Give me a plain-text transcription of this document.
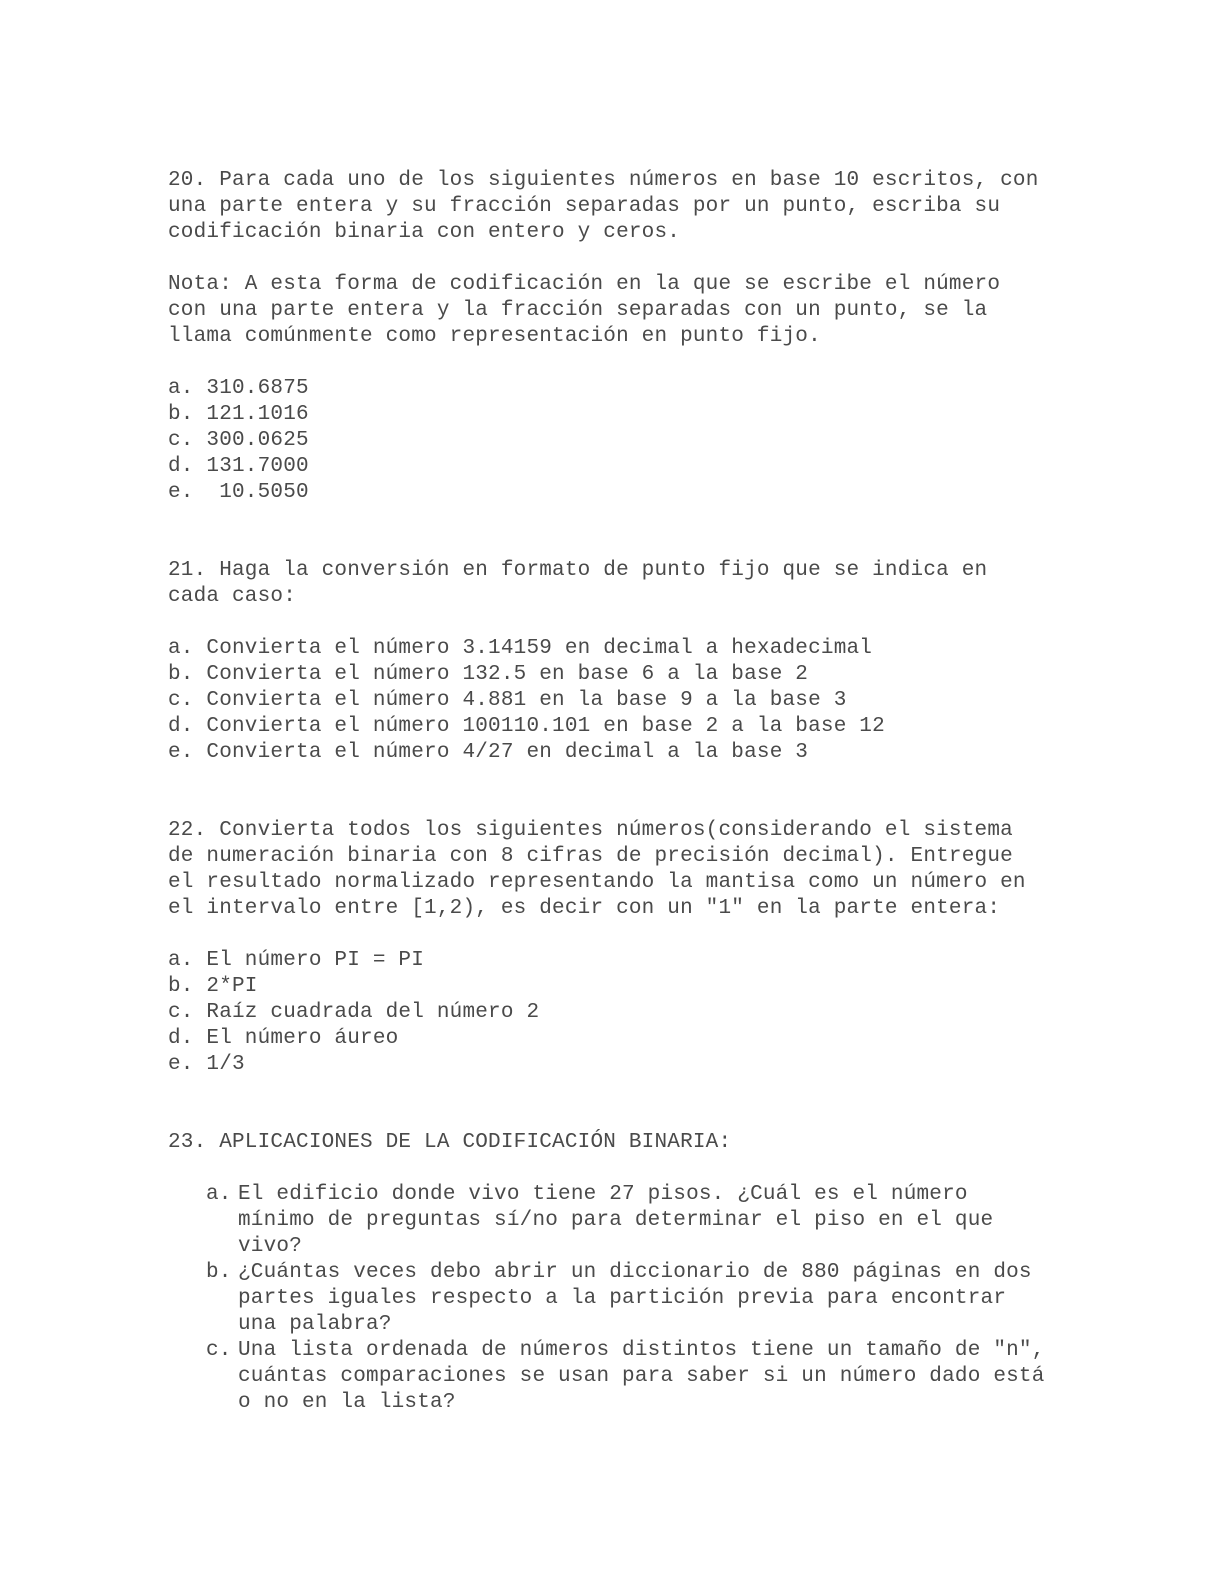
20. Para cada uno de los siguientes números en base 10 escritos, con una parte entera y su fracción separadas por un punto, escriba su codificación binaria con entero y ceros.

Nota: A esta forma de codificación en la que se escribe el número con una parte entera y la fracción separadas con un punto, se la llama comúnmente como representación en punto fijo.

a. 310.6875
b. 121.1016
c. 300.0625
d. 131.7000
e.  10.5050

21. Haga la conversión en formato de punto fijo que se indica en cada caso:

a. Convierta el número 3.14159 en decimal a hexadecimal
b. Convierta el número 132.5 en base 6 a la base 2
c. Convierta el número 4.881 en la base 9 a la base 3
d. Convierta el número 100110.101 en base 2 a la base 12
e. Convierta el número 4/27 en decimal a la base 3

22. Convierta todos los siguientes números(considerando el sistema de numeración binaria con 8 cifras de precisión decimal). Entregue el resultado normalizado representando la mantisa como un número en el intervalo entre [1,2), es decir con un "1" en la parte entera:

a. El número PI = PI
b. 2*PI
c. Raíz cuadrada del número 2
d. El número áureo
e. 1/3

23. APLICACIONES DE LA CODIFICACIÓN BINARIA:

a. El edificio donde vivo tiene 27 pisos. ¿Cuál es el número mínimo de preguntas sí/no para determinar el piso en el que vivo?
b. ¿Cuántas veces debo abrir un diccionario de 880 páginas en dos partes iguales respecto a la partición previa para encontrar una palabra?
c. Una lista ordenada de números distintos tiene un tamaño de "n", cuántas comparaciones se usan para saber si un número dado está o no en la lista?
